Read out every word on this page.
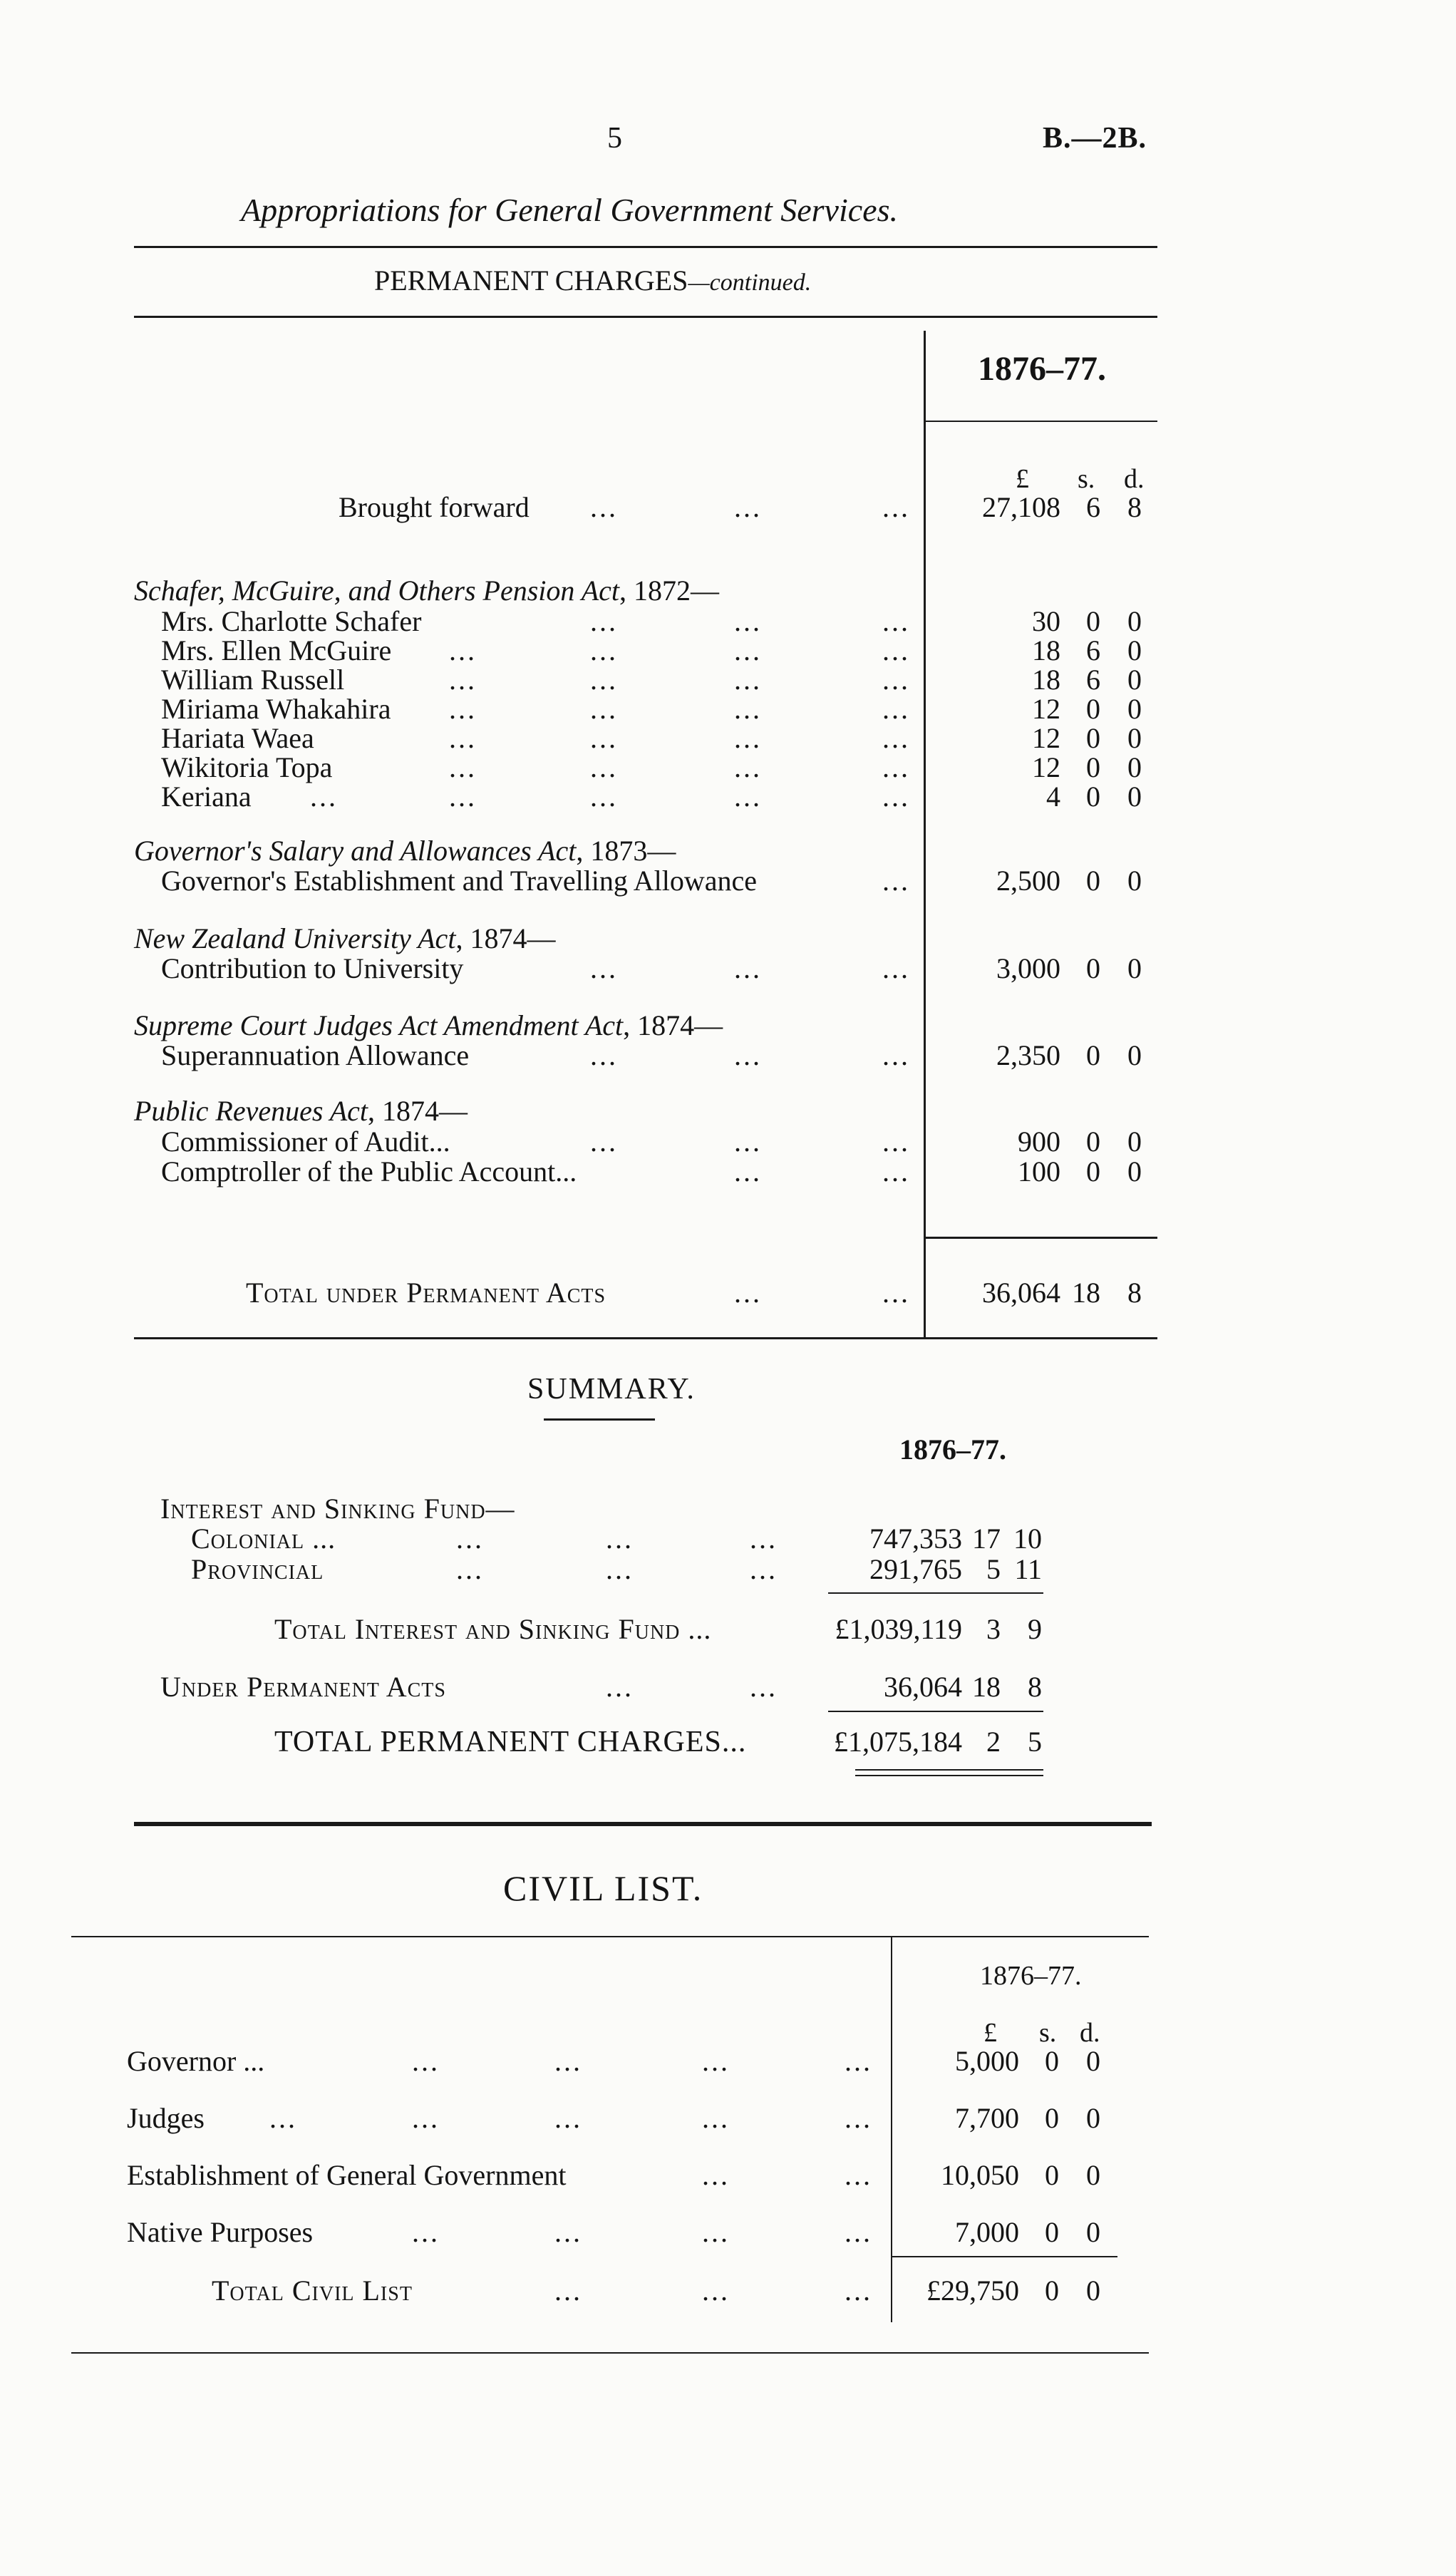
5	B.—2B.
Appropriations for General Government Services.
PERMANENT CHARGES—continued.
1876–77.
£ s. d.
Brought forward ...	...	...	27,108 6 8
Schafer, McGuire, and Others Pension Act, 1872—
Mrs. Charlotte Schafer	...	...	...	30 0 0
Mrs. Ellen McGuire ...	...	...	...	18 6 0
William Russell	...	...	...	...	18 6 0
Miriama Whakahira ...	...	...	...	12 0 0
Hariata Waea	...	...	...	...	12 0 0
Wikitoria Topa	...	...	...	...	12 0 0
Keriana ...	...	...	...	...	4 0 0
Governor's Salary and Allowances Act, 1873—
Governor's Establishment and Travelling Allowance	...	2,500 0 0
New Zealand University Act, 1874—
Contribution to University	...	...	...	3,000 0 0
Supreme Court Judges Act Amendment Act, 1874—
Superannuation Allowance	...	...	...	2,350 0 0
Public Revenues Act, 1874—
Commissioner of Audit...	...	...	...	900 0 0
Comptroller of the Public Account...	...	...	100 0 0
Total under Permanent Acts	...	...	36,064 18 8
SUMMARY.
1876–77.
Interest and Sinking Fund—
Colonial ...	...	...	...	747,353 17 10
Provincial	...	...	...	291,765 5 11
Total Interest and Sinking Fund ...	£1,039,119 3 9
Under Permanent Acts	...	...	36,064 18 8
TOTAL PERMANENT CHARGES...	£1,075,184 2 5
CIVIL LIST.
1876–77.
£ s. d.
Governor ...	...	...	...	...	5,000 0 0
Judges ...	...	...	...	...	7,700 0 0
Establishment of General Government	...	...	10,050 0 0
Native Purposes	...	...	...	...	7,000 0 0
Total Civil List	...	...	...	£29,750 0 0
